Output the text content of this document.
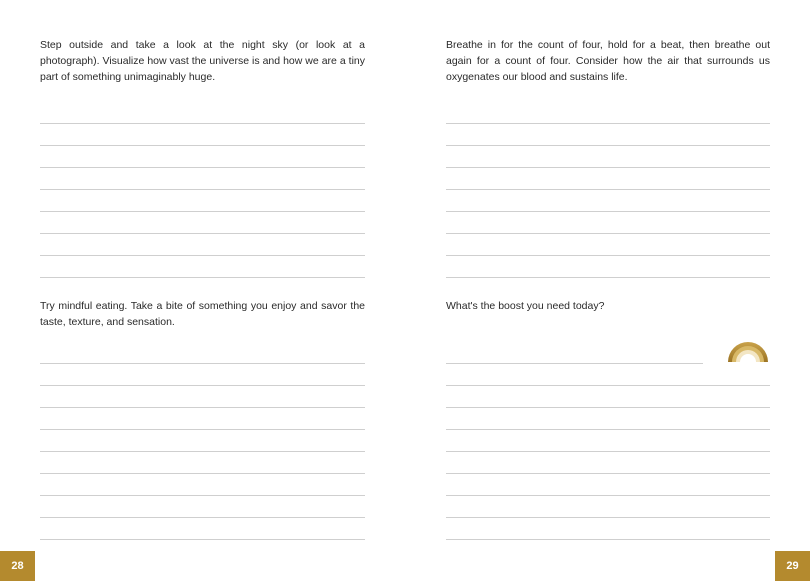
Step outside and take a look at the night sky (or look at a photograph). Visualize how vast the universe is and how we are a tiny part of something unimaginably huge.

Try mindful eating. Take a bite of something you enjoy and savor the taste, texture, and sensation.

Breathe in for the count of four, hold for a beat, then breathe out again for a count of four. Consider how the air that surrounds us oxygenates our blood and sustains life.

What's the boost you need today?

28	29
